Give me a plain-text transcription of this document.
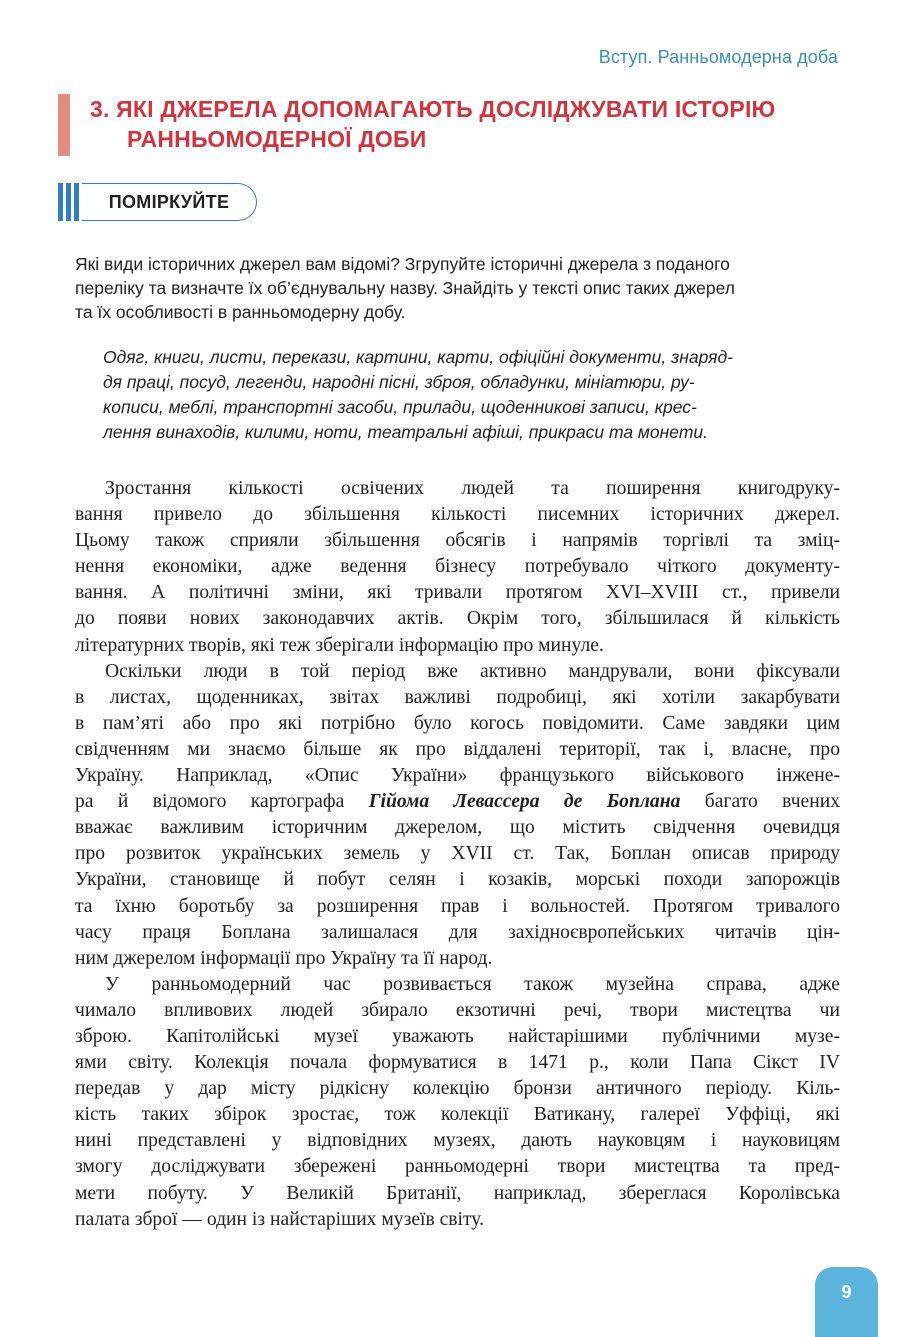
Вступ. Ранньомодерна доба
3. ЯКІ ДЖЕРЕЛА ДОПОМАГАЮТЬ ДОСЛІДЖУВАТИ ІСТОРІЮ
РАННЬОМОДЕРНОЇ ДОБИ
ПОМІРКУЙТЕ
Які види історичних джерел вам відомі? Згрупуйте історичні джерела з поданого
переліку та визначте їх об’єднувальну назву. Знайдіть у тексті опис таких джерел
та їх особливості в ранньомодерну добу.
Одяг, книги, листи, перекази, картини, карти, офіційні документи, знаряд-
дя праці, посуд, легенди, народні пісні, зброя, обладунки, мініатюри, ру-
кописи, меблі, транспортні засоби, прилади, щоденникові записи, крес-
лення винаходів, килими, ноти, театральні афіші, прикраси та монети.
Зростання кількості освічених людей та поширення книгодруку-
вання привело до збільшення кількості писемних історичних джерел.
Цьому також сприяли збільшення обсягів і напрямів торгівлі та зміц-
нення економіки, адже ведення бізнесу потребувало чіткого документу-
вання. А політичні зміни, які тривали протягом XVI–XVIII ст., привели
до появи нових законодавчих актів. Окрім того, збільшилася й кількість
літературних творів, які теж зберігали інформацію про минуле.
Оскільки люди в той період вже активно мандрували, вони фіксували
в листах, щоденниках, звітах важливі подробиці, які хотіли закарбувати
в пам’яті або про які потрібно було когось повідомити. Саме завдяки цим
свідченням ми знаємо більше як про віддалені території, так і, власне, про
Україну. Наприклад, «Опис України» французького військового інжене-
ра й відомого картографа Гійома Левассера де Боплана багато вчених
вважає важливим історичним джерелом, що містить свідчення очевидця
про розвиток українських земель у XVII ст. Так, Боплан описав природу
України, становище й побут селян і козаків, морські походи запорожців
та їхню боротьбу за розширення прав і вольностей. Протягом тривалого
часу праця Боплана залишалася для західноєвропейських читачів цін-
ним джерелом інформації про Україну та її народ.
У ранньомодерний час розвивається також музейна справа, адже
чимало впливових людей збирало екзотичні речі, твори мистецтва чи
зброю. Капітолійські музеї уважають найстарішими публічними музе-
ями світу. Колекція почала формуватися в 1471 р., коли Папа Сікст IV
передав у дар місту рідкісну колекцію бронзи античного періоду. Кіль-
кість таких збірок зростає, тож колекції Ватикану, галереї Уффіці, які
нині представлені у відповідних музеях, дають науковцям і науковицям
змогу досліджувати збережені ранньомодерні твори мистецтва та пред-
мети побуту. У Великій Британії, наприклад, збереглася Королівська
палата зброї — один із найстаріших музеїв світу.
9
